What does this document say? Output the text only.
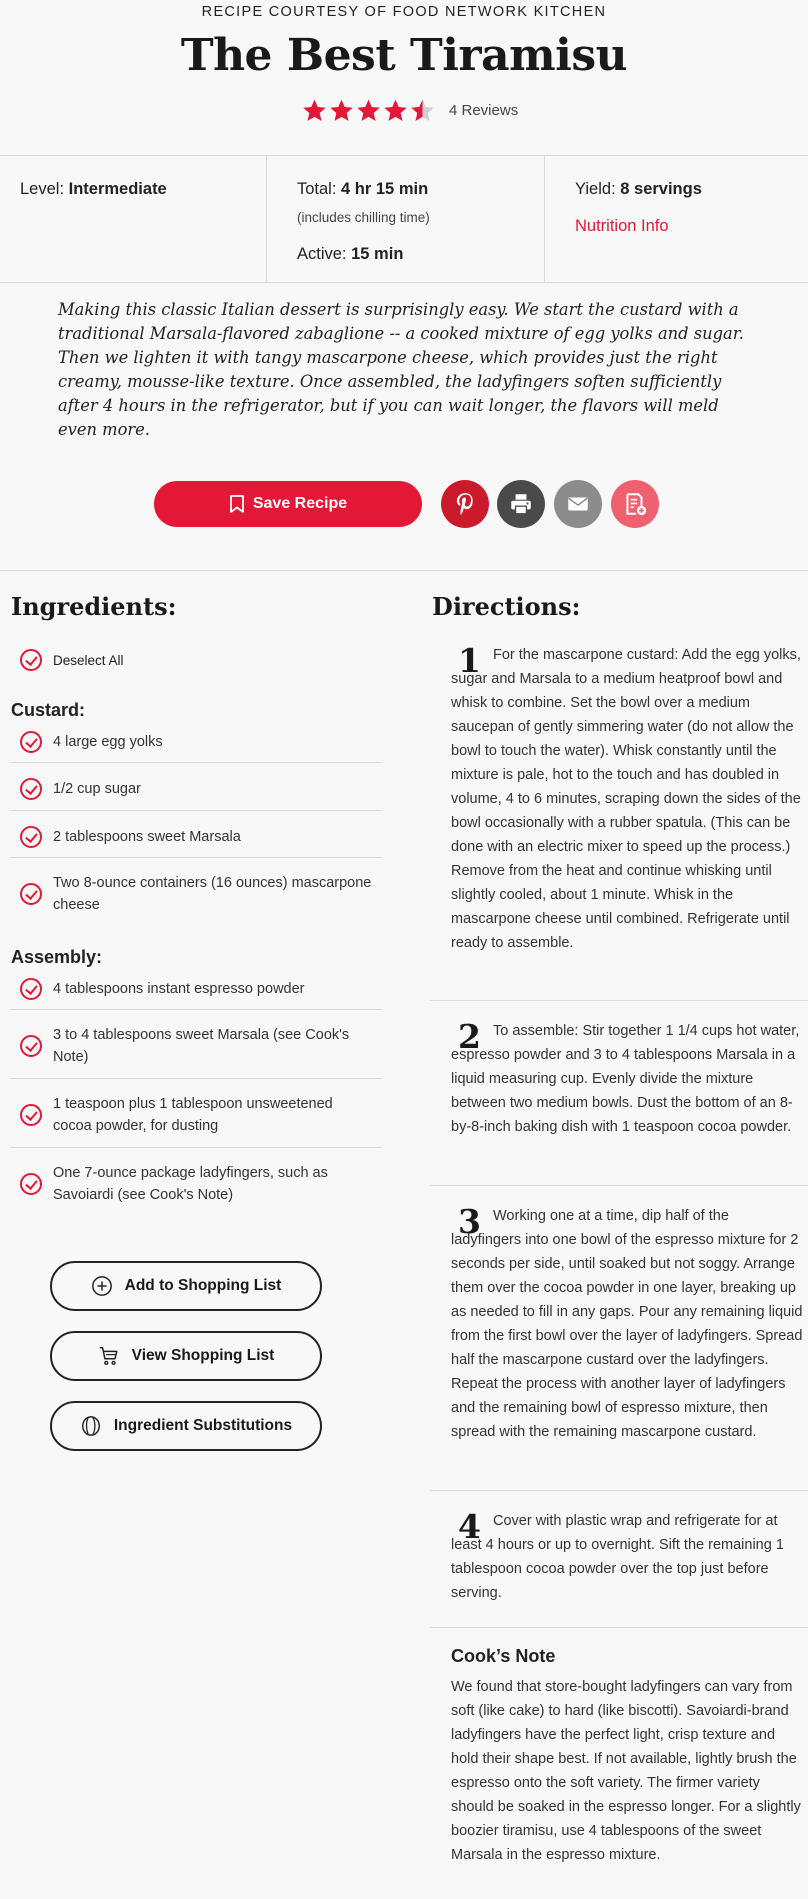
RECIPE COURTESY OF FOOD NETWORK KITCHEN
The Best Tiramisu
4 Reviews
Level: Intermediate	Total: 4 hr 15 min
(includes chilling time)
Active: 15 min
Yield: 8 servings
Nutrition Info
Making this classic Italian dessert is surprisingly easy. We start the custard with a traditional Marsala-flavored zabaglione -- a cooked mixture of egg yolks and sugar. Then we lighten it with tangy mascarpone cheese, which provides just the right creamy, mousse-like texture. Once assembled, the ladyfingers soften sufficiently after 4 hours in the refrigerator, but if you can wait longer, the flavors will meld even more.
Save Recipe
Ingredients:
Deselect All
Custard:
4 large egg yolks
1/2 cup sugar
2 tablespoons sweet Marsala
Two 8-ounce containers (16 ounces) mascarpone cheese
Assembly:
4 tablespoons instant espresso powder
3 to 4 tablespoons sweet Marsala (see Cook's Note)
1 teaspoon plus 1 tablespoon unsweetened cocoa powder, for dusting
One 7-ounce package ladyfingers, such as Savoiardi (see Cook's Note)
Add to Shopping List
View Shopping List
Ingredient Substitutions
Directions:
1 For the mascarpone custard: Add the egg yolks, sugar and Marsala to a medium heatproof bowl and whisk to combine. Set the bowl over a medium saucepan of gently simmering water (do not allow the bowl to touch the water). Whisk constantly until the mixture is pale, hot to the touch and has doubled in volume, 4 to 6 minutes, scraping down the sides of the bowl occasionally with a rubber spatula. (This can be done with an electric mixer to speed up the process.) Remove from the heat and continue whisking until slightly cooled, about 1 minute. Whisk in the mascarpone cheese until combined. Refrigerate until ready to assemble.
2 To assemble: Stir together 1 1/4 cups hot water, espresso powder and 3 to 4 tablespoons Marsala in a liquid measuring cup. Evenly divide the mixture between two medium bowls. Dust the bottom of an 8-by-8-inch baking dish with 1 teaspoon cocoa powder.
3 Working one at a time, dip half of the ladyfingers into one bowl of the espresso mixture for 2 seconds per side, until soaked but not soggy. Arrange them over the cocoa powder in one layer, breaking up as needed to fill in any gaps. Pour any remaining liquid from the first bowl over the layer of ladyfingers. Spread half the mascarpone custard over the ladyfingers. Repeat the process with another layer of ladyfingers and the remaining bowl of espresso mixture, then spread with the remaining mascarpone custard.
4 Cover with plastic wrap and refrigerate for at least 4 hours or up to overnight. Sift the remaining 1 tablespoon cocoa powder over the top just before serving.
Cook’s Note
We found that store-bought ladyfingers can vary from soft (like cake) to hard (like biscotti). Savoiardi-brand ladyfingers have the perfect light, crisp texture and hold their shape best. If not available, lightly brush the espresso onto the soft variety. The firmer variety should be soaked in the espresso longer. For a slightly boozier tiramisu, use 4 tablespoons of the sweet Marsala in the espresso mixture.
